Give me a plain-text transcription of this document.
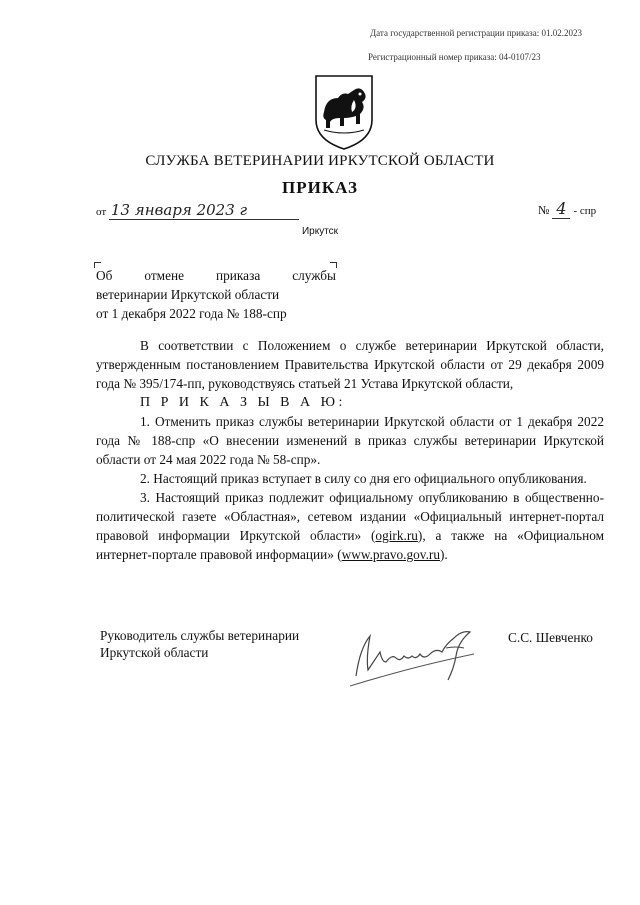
Дата государственной регистрации приказа: 01.02.2023
Регистрационный номер приказа: 04-0107/23
СЛУЖБА ВЕТЕРИНАРИИ ИРКУТСКОЙ ОБЛАСТИ
ПРИКАЗ
от 13 января 2023 г	№ 4 - спр
Иркутск
Об отмене приказа службы
ветеринарии Иркутской области
от 1 декабря 2022 года № 188-спр

В соответствии с Положением о службе ветеринарии Иркутской области, утвержденным постановлением Правительства Иркутской области от 29 декабря 2009 года № 395/174-пп, руководствуясь статьей 21 Устава Иркутской области,

П Р И К А З Ы В А Ю:

1. Отменить приказ службы ветеринарии Иркутской области от 1 декабря 2022 года № 188-спр «О внесении изменений в приказ службы ветеринарии Иркутской области от 24 мая 2022 года № 58-спр».

2. Настоящий приказ вступает в силу со дня его официального опубликования.

3. Настоящий приказ подлежит официальному опубликованию в общественно-политической газете «Областная», сетевом издании «Официальный интернет-портал правовой информации Иркутской области» (ogirk.ru), а также на «Официальном интернет-портале правовой информации» (www.pravo.gov.ru).

Руководитель службы ветеринарии
Иркутской области
С.С. Шевченко
